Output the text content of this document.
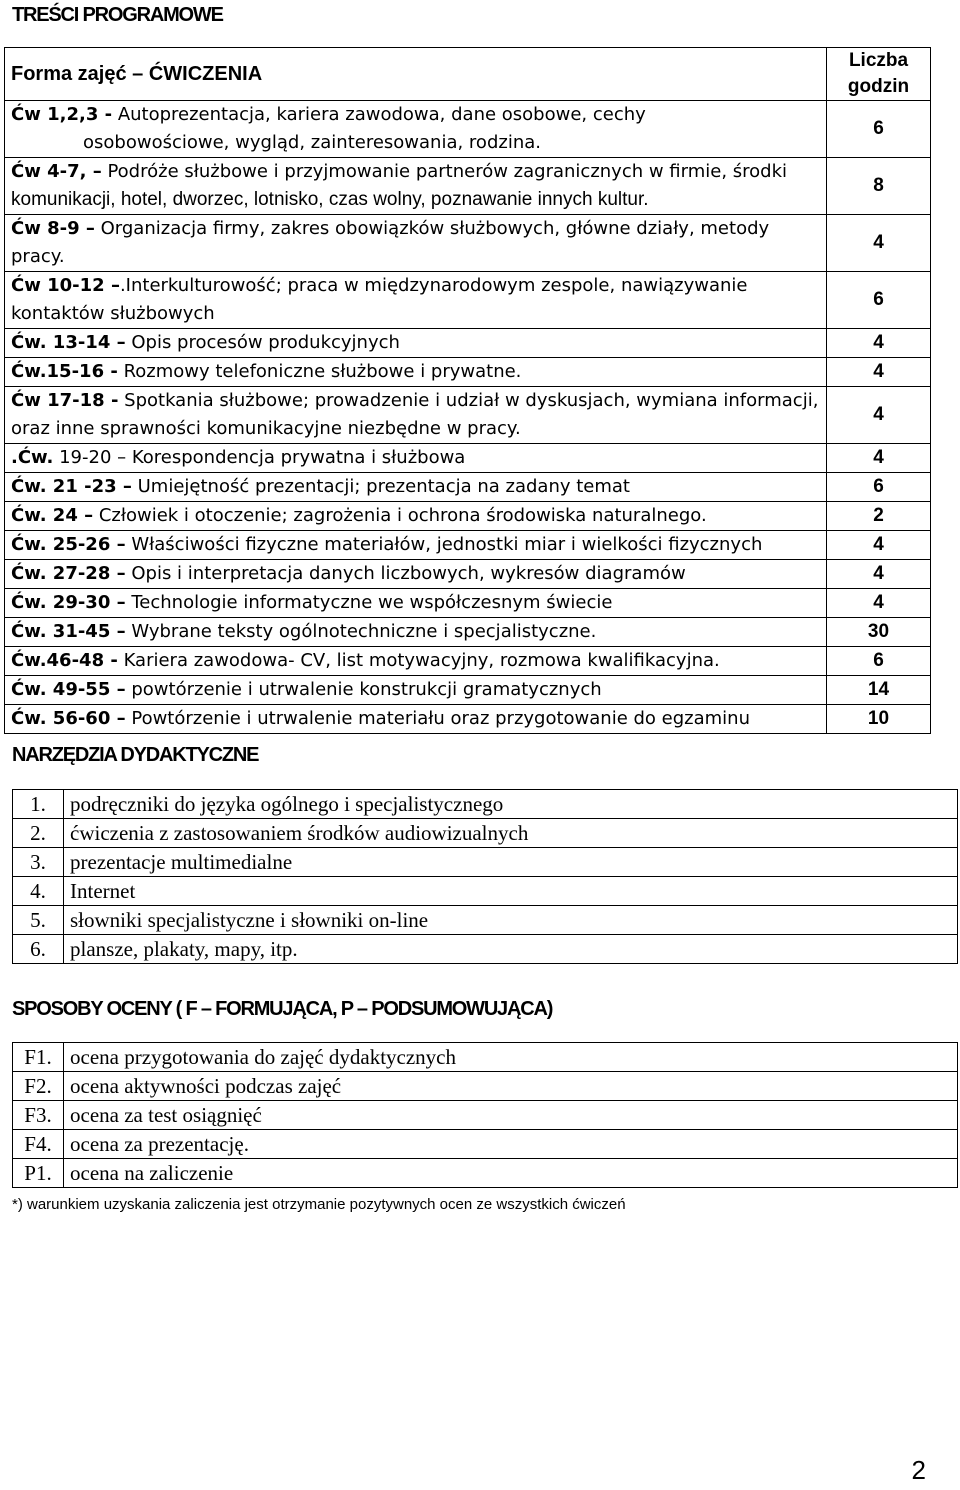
TREŚCI PROGRAMOWE
Forma zajęć – ĆWICZENIA	Liczba godzin
Ćw 1,2,3 - Autoprezentacja, kariera zawodowa, dane osobowe, cechy
osobowościowe, wygląd, zainteresowania, rodzina.	6
Ćw 4-7, – Podróże służbowe i przyjmowanie partnerów zagranicznych w firmie, środki
komunikacji, hotel, dworzec, lotnisko, czas wolny, poznawanie innych kultur.	8
Ćw 8-9 – Organizacja firmy, zakres obowiązków służbowych, główne działy, metody
pracy.	4
Ćw 10-12 –.Interkulturowość; praca w międzynarodowym zespole, nawiązywanie
kontaktów służbowych	6
Ćw. 13-14 – Opis procesów produkcyjnych	4
Ćw.15-16 - Rozmowy telefoniczne służbowe i prywatne.	4
Ćw 17-18 - Spotkania służbowe; prowadzenie i udział w dyskusjach, wymiana informacji,
oraz inne sprawności komunikacyjne niezbędne w pracy.	4
.Ćw. 19-20 – Korespondencja prywatna i służbowa	4
Ćw. 21 -23 – Umiejętność prezentacji; prezentacja na zadany temat	6
Ćw. 24 – Człowiek i otoczenie; zagrożenia i ochrona środowiska naturalnego.	2
Ćw. 25-26 – Właściwości fizyczne materiałów, jednostki miar i wielkości fizycznych	4
Ćw. 27-28 – Opis i interpretacja danych liczbowych, wykresów diagramów	4
Ćw. 29-30 – Technologie informatyczne we współczesnym świecie	4
Ćw. 31-45 – Wybrane teksty ogólnotechniczne i specjalistyczne.	30
Ćw.46-48 - Kariera zawodowa- CV, list motywacyjny, rozmowa kwalifikacyjna.	6
Ćw. 49-55 – powtórzenie i utrwalenie konstrukcji gramatycznych	14
Ćw. 56-60 – Powtórzenie i utrwalenie materiału oraz przygotowanie do egzaminu	10
NARZĘDZIA DYDAKTYCZNE
1.	podręczniki do języka ogólnego i specjalistycznego
2.	ćwiczenia z zastosowaniem środków audiowizualnych
3.	prezentacje multimedialne
4.	Internet
5.	słowniki specjalistyczne i słowniki on-line
6.	plansze, plakaty, mapy, itp.
SPOSOBY OCENY ( F – FORMUJĄCA, P – PODSUMOWUJĄCA)
F1.	ocena przygotowania do zajęć dydaktycznych
F2.	ocena aktywności podczas zajęć
F3.	ocena za test osiągnięć
F4.	ocena za prezentację.
P1.	ocena na zaliczenie
*) warunkiem uzyskania zaliczenia jest otrzymanie pozytywnych ocen ze wszystkich ćwiczeń
2
